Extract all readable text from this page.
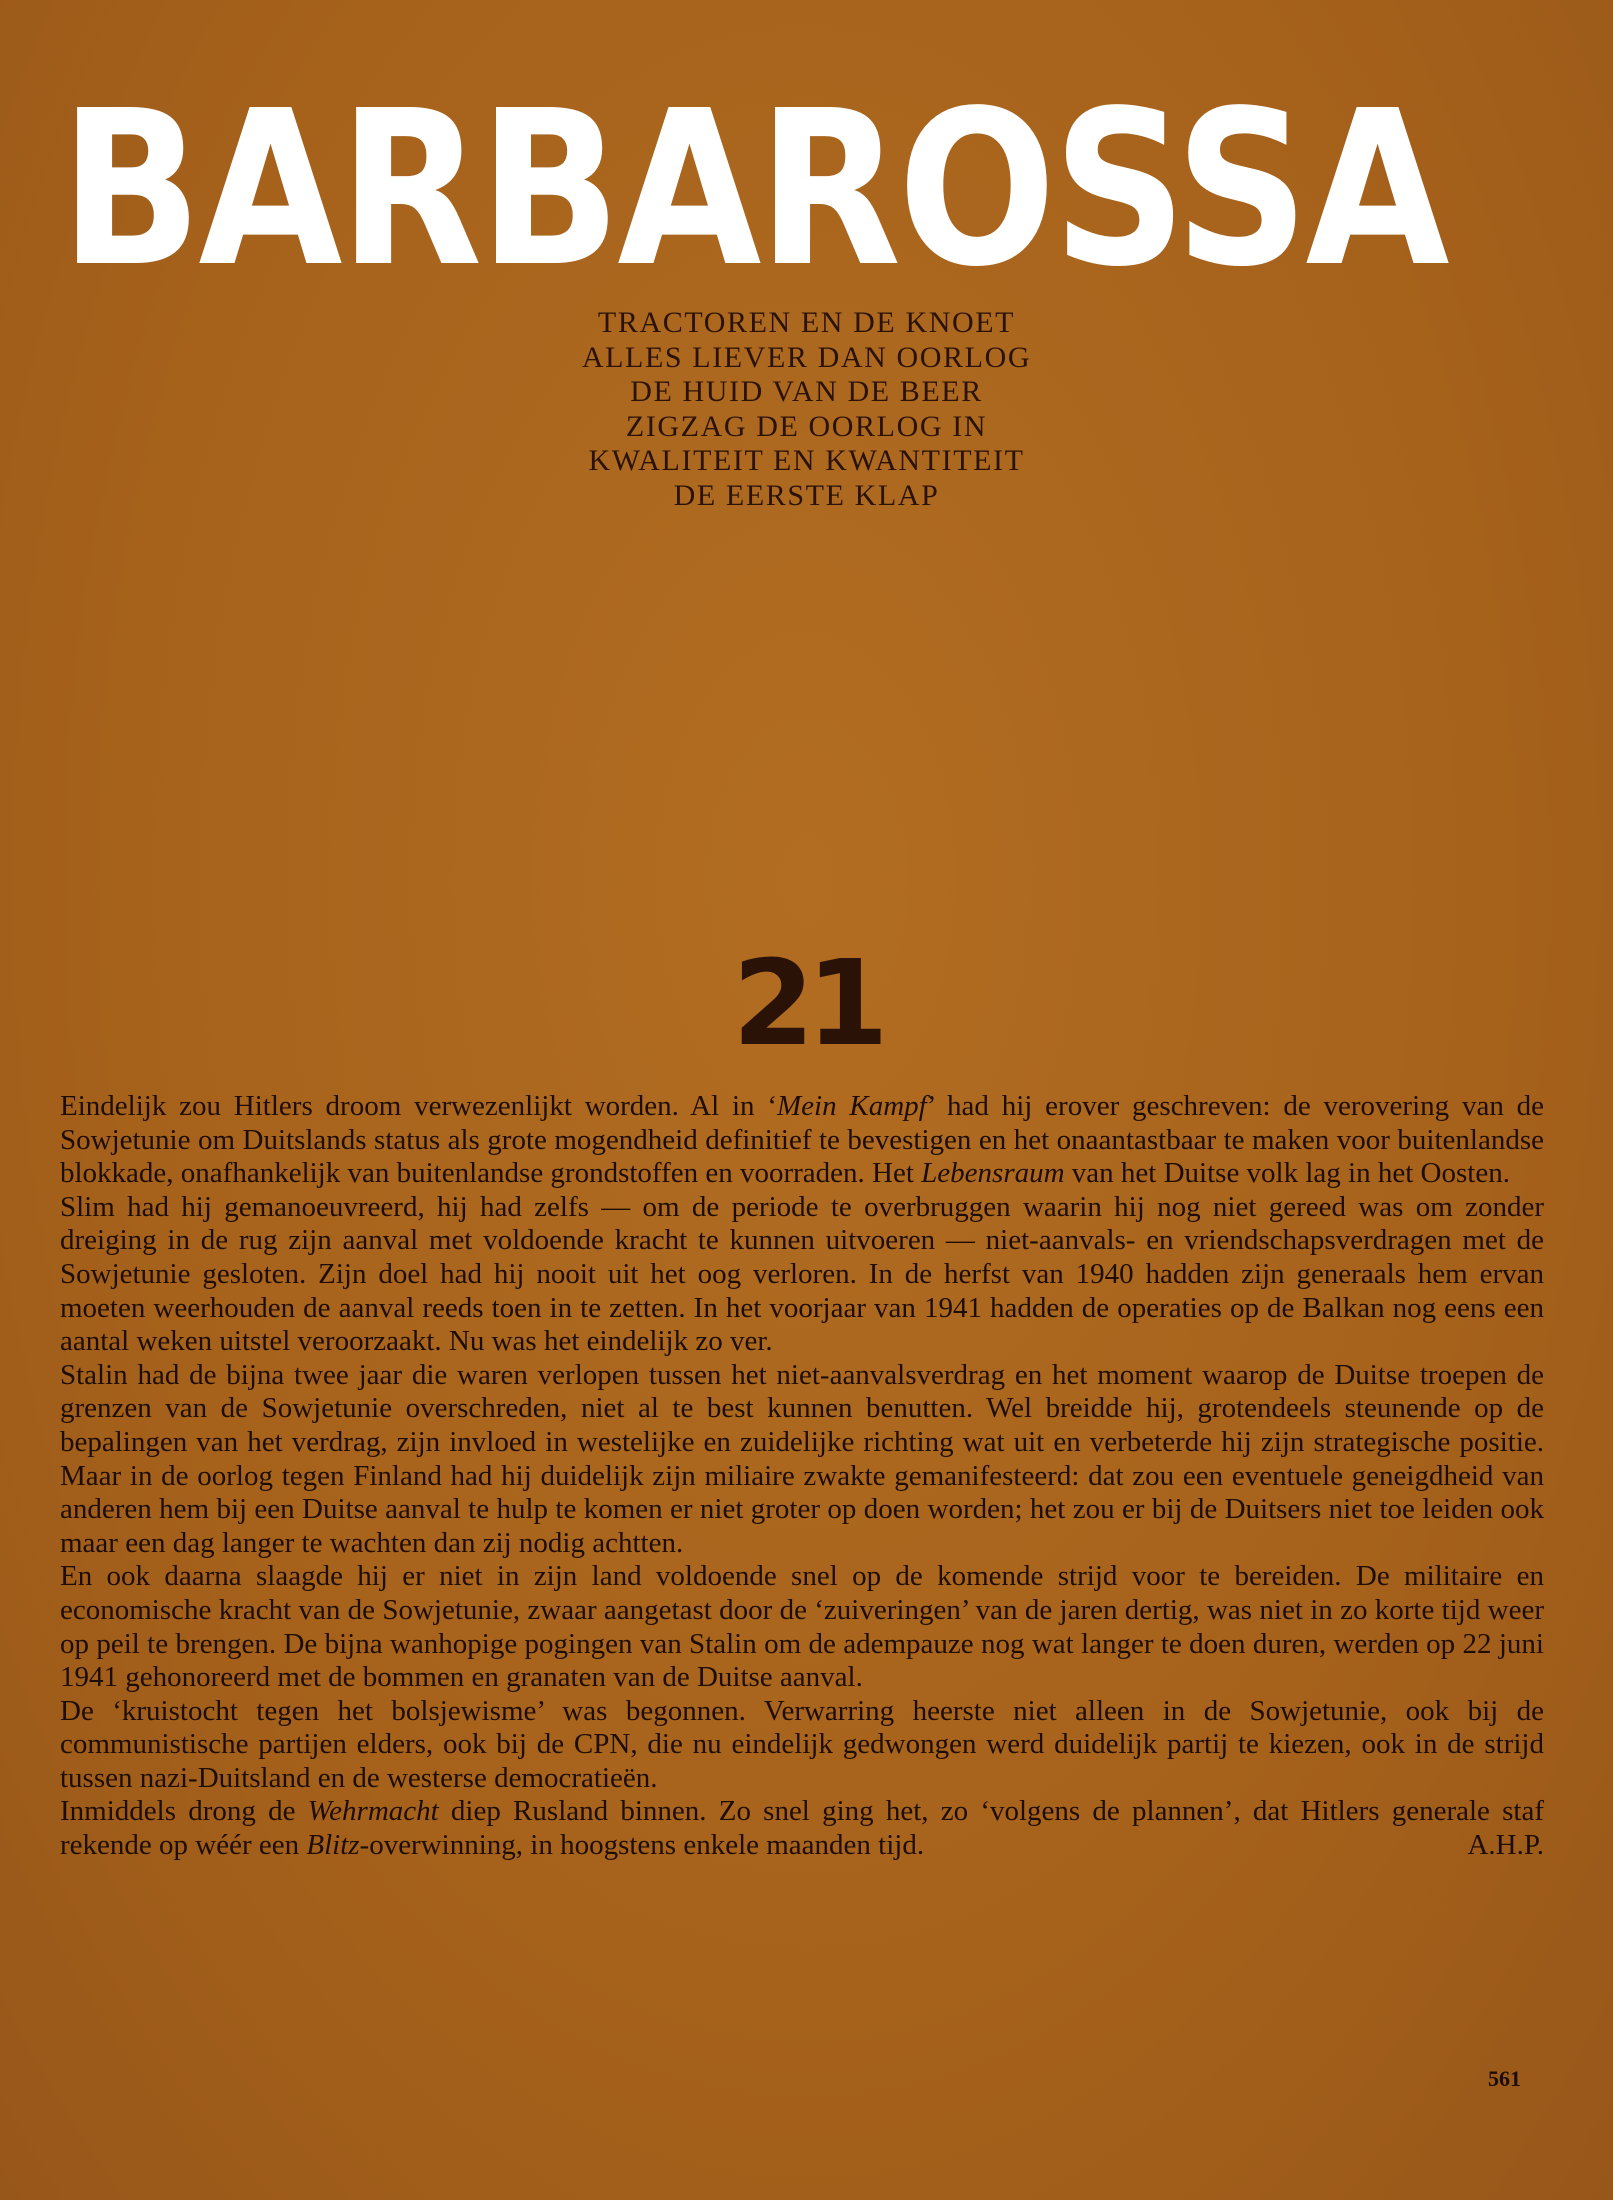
BARBAROSSA
TRACTOREN EN DE KNOET
ALLES LIEVER DAN OORLOG
DE HUID VAN DE BEER
ZIGZAG DE OORLOG IN
KWALITEIT EN KWANTITEIT
DE EERSTE KLAP
21

Eindelijk zou Hitlers droom verwezenlijkt worden. Al in ‘Mein Kampf’ had hij erover geschreven: de verovering van de Sowjetunie om Duitslands status als grote mogendheid definitief te bevestigen en het onaantastbaar te maken voor buitenlandse blokkade, onafhankelijk van buitenlandse grondstoffen en voorraden. Het Lebensraum van het Duitse volk lag in het Oosten.

Slim had hij gemanoeuvreerd, hij had zelfs — om de periode te overbruggen waarin hij nog niet gereed was om zonder dreiging in de rug zijn aanval met voldoende kracht te kunnen uitvoeren — niet-aanvals- en vriendschapsverdragen met de Sowjetunie gesloten. Zijn doel had hij nooit uit het oog verloren. In de herfst van 1940 hadden zijn generaals hem ervan moeten weerhouden de aanval reeds toen in te zetten. In het voorjaar van 1941 hadden de operaties op de Balkan nog eens een aantal weken uitstel veroorzaakt. Nu was het eindelijk zo ver.

Stalin had de bijna twee jaar die waren verlopen tussen het niet-aanvalsverdrag en het moment waarop de Duitse troepen de grenzen van de Sowjetunie overschreden, niet al te best kunnen benutten. Wel breidde hij, grotendeels steunende op de bepalingen van het verdrag, zijn invloed in westelijke en zuidelijke richting wat uit en verbeterde hij zijn strategische positie. Maar in de oorlog tegen Finland had hij duidelijk zijn miliaire zwakte gemanifesteerd: dat zou een eventuele geneigdheid van anderen hem bij een Duitse aanval te hulp te komen er niet groter op doen worden; het zou er bij de Duitsers niet toe leiden ook maar een dag langer te wachten dan zij nodig achtten.

En ook daarna slaagde hij er niet in zijn land voldoende snel op de komende strijd voor te bereiden. De militaire en economische kracht van de Sowjetunie, zwaar aangetast door de ‘zuiveringen’ van de jaren dertig, was niet in zo korte tijd weer op peil te brengen. De bijna wanhopige pogingen van Stalin om de adempauze nog wat langer te doen duren, werden op 22 juni 1941 gehonoreerd met de bommen en granaten van de Duitse aanval.

De ‘kruistocht tegen het bolsjewisme’ was begonnen. Verwarring heerste niet alleen in de Sowjetunie, ook bij de communistische partijen elders, ook bij de CPN, die nu eindelijk gedwongen werd duidelijk partij te kiezen, ook in de strijd tussen nazi-Duitsland en de westerse democratieën.

Inmiddels drong de Wehrmacht diep Rusland binnen. Zo snel ging het, zo ‘volgens de plannen’, dat Hitlers generale staf rekende op wéér een Blitz-overwinning, in hoogstens enkele maanden tijd.	A.H.P.

561
